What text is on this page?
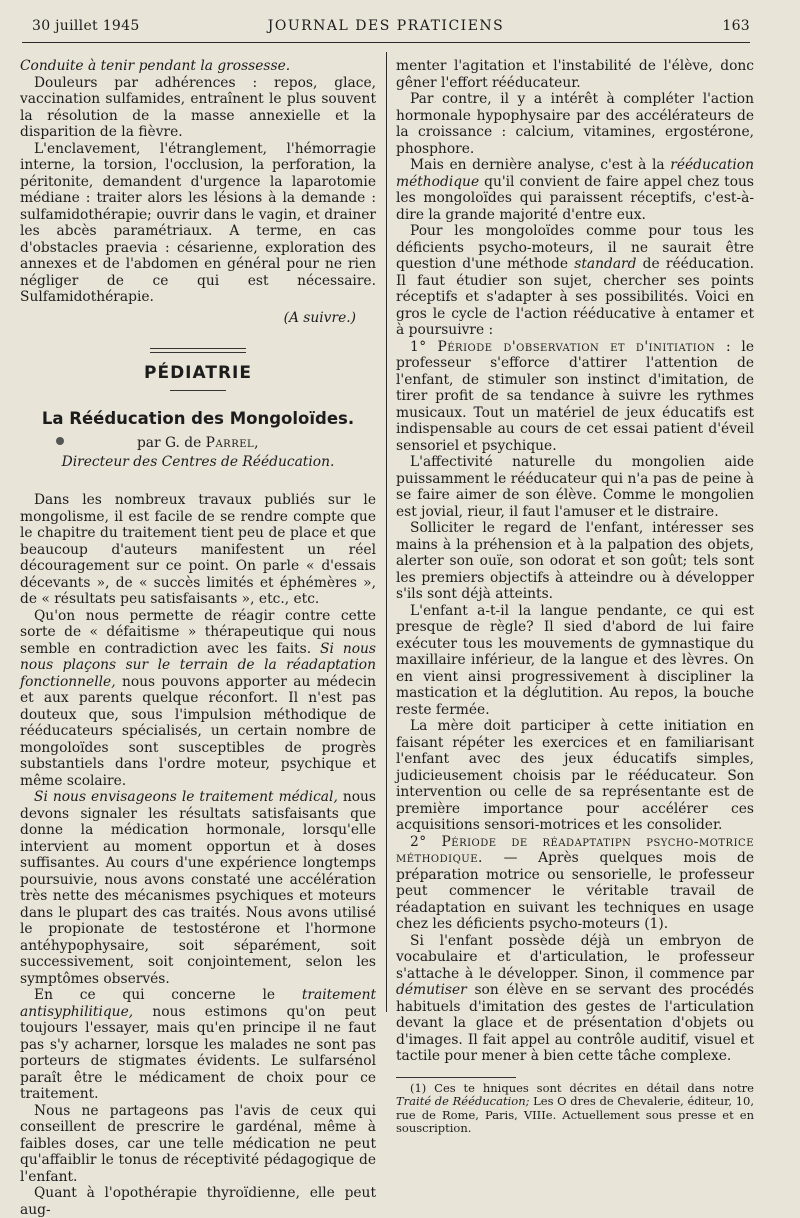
30 juillet 1945	JOURNAL DES PRATICIENS	163

Conduite à tenir pendant la grossesse.

Douleurs par adhérences : repos, glace, vaccination sulfamides, entraînent le plus souvent la résolution de la masse annexielle et la disparition de la fièvre.

L'enclavement, l'étranglement, l'hémorragie interne, la torsion, l'occlusion, la perforation, la péritonite, demandent d'urgence la laparotomie médiane : traiter alors les lésions à la demande : sulfamidothérapie; ouvrir dans le vagin, et drainer les abcès paramétriaux. A terme, en cas d'obstacles praevia : césarienne, exploration des annexes et de l'abdomen en général pour ne rien négliger de ce qui est nécessaire. Sulfamidothérapie.

(A suivre.)

PÉDIATRIE
La Rééducation des Mongoloïdes.
par G. de Parrel,
Directeur des Centres de Rééducation.

Dans les nombreux travaux publiés sur le mongolisme, il est facile de se rendre compte que le chapitre du traitement tient peu de place et que beaucoup d'auteurs manifestent un réel découragement sur ce point. On parle « d'essais décevants », de « succès limités et éphémères », de « résultats peu satisfaisants », etc., etc.

Qu'on nous permette de réagir contre cette sorte de « défaitisme » thérapeutique qui nous semble en contradiction avec les faits. Si nous nous plaçons sur le terrain de la réadaptation fonctionnelle, nous pouvons apporter au médecin et aux parents quelque réconfort. Il n'est pas douteux que, sous l'impulsion méthodique de rééducateurs spécialisés, un certain nombre de mongoloïdes sont susceptibles de progrès substantiels dans l'ordre moteur, psychique et même scolaire.

Si nous envisageons le traitement médical, nous devons signaler les résultats satisfaisants que donne la médication hormonale, lorsqu'elle intervient au moment opportun et à doses suffisantes. Au cours d'une expérience longtemps poursuivie, nous avons constaté une accélération très nette des mécanismes psychiques et moteurs dans le plupart des cas traités. Nous avons utilisé le propionate de testostérone et l'hormone antéhypophysaire, soit séparément, soit successivement, soit conjointement, selon les symptômes observés.

En ce qui concerne le traitement antisyphilitique, nous estimons qu'on peut toujours l'essayer, mais qu'en principe il ne faut pas s'y acharner, lorsque les malades ne sont pas porteurs de stigmates évidents. Le sulfarsénol paraît être le médicament de choix pour ce traitement.

Nous ne partageons pas l'avis de ceux qui conseillent de prescrire le gardénal, même à faibles doses, car une telle médication ne peut qu'affaiblir le tonus de réceptivité pédagogique de l'enfant.

Quant à l'opothérapie thyroïdienne, elle peut aug-

menter l'agitation et l'instabilité de l'élève, donc gêner l'effort rééducateur.

Par contre, il y a intérêt à compléter l'action hormonale hypophysaire par des accélérateurs de la croissance : calcium, vitamines, ergostérone, phosphore.

Mais en dernière analyse, c'est à la rééducation méthodique qu'il convient de faire appel chez tous les mongoloïdes qui paraissent réceptifs, c'est-à-dire la grande majorité d'entre eux.

Pour les mongoloïdes comme pour tous les déficients psycho-moteurs, il ne saurait être question d'une méthode standard de rééducation. Il faut étudier son sujet, chercher ses points réceptifs et s'adapter à ses possibilités. Voici en gros le cycle de l'action rééducative à entamer et à poursuivre :

1° Période d'observation et d'initiation : le professeur s'efforce d'attirer l'attention de l'enfant, de stimuler son instinct d'imitation, de tirer profit de sa tendance à suivre les rythmes musicaux. Tout un matériel de jeux éducatifs est indispensable au cours de cet essai patient d'éveil sensoriel et psychique.

L'affectivité naturelle du mongolien aide puissamment le rééducateur qui n'a pas de peine à se faire aimer de son élève. Comme le mongolien est jovial, rieur, il faut l'amuser et le distraire.

Solliciter le regard de l'enfant, intéresser ses mains à la préhension et à la palpation des objets, alerter son ouïe, son odorat et son goût; tels sont les premiers objectifs à atteindre ou à développer s'ils sont déjà atteints.

L'enfant a-t-il la langue pendante, ce qui est presque de règle? Il sied d'abord de lui faire exécuter tous les mouvements de gymnastique du maxillaire inférieur, de la langue et des lèvres. On en vient ainsi progressivement à discipliner la mastication et la déglutition. Au repos, la bouche reste fermée.

La mère doit participer à cette initiation en faisant répéter les exercices et en familiarisant l'enfant avec des jeux éducatifs simples, judicieusement choisis par le rééducateur. Son intervention ou celle de sa représentante est de première importance pour accélérer ces acquisitions sensori-motrices et les consolider.

2° Période de réadaptatipn psycho-motrice méthodique. — Après quelques mois de préparation motrice ou sensorielle, le professeur peut commencer le véritable travail de réadaptation en suivant les techniques en usage chez les déficients psycho-moteurs (1).

Si l'enfant possède déjà un embryon de vocabulaire et d'articulation, le professeur s'attache à le développer. Sinon, il commence par démutiser son élève en se servant des procédés habituels d'imitation des gestes de l'articulation devant la glace et de présentation d'objets ou d'images. Il fait appel au contrôle auditif, visuel et tactile pour mener à bien cette tâche complexe.

(1) Ces te hniques sont décrites en détail dans notre Traité de Rééducation; Les O dres de Chevalerie, éditeur, 10, rue de Rome, Paris, VIIIe. Actuellement sous presse et en souscription.
